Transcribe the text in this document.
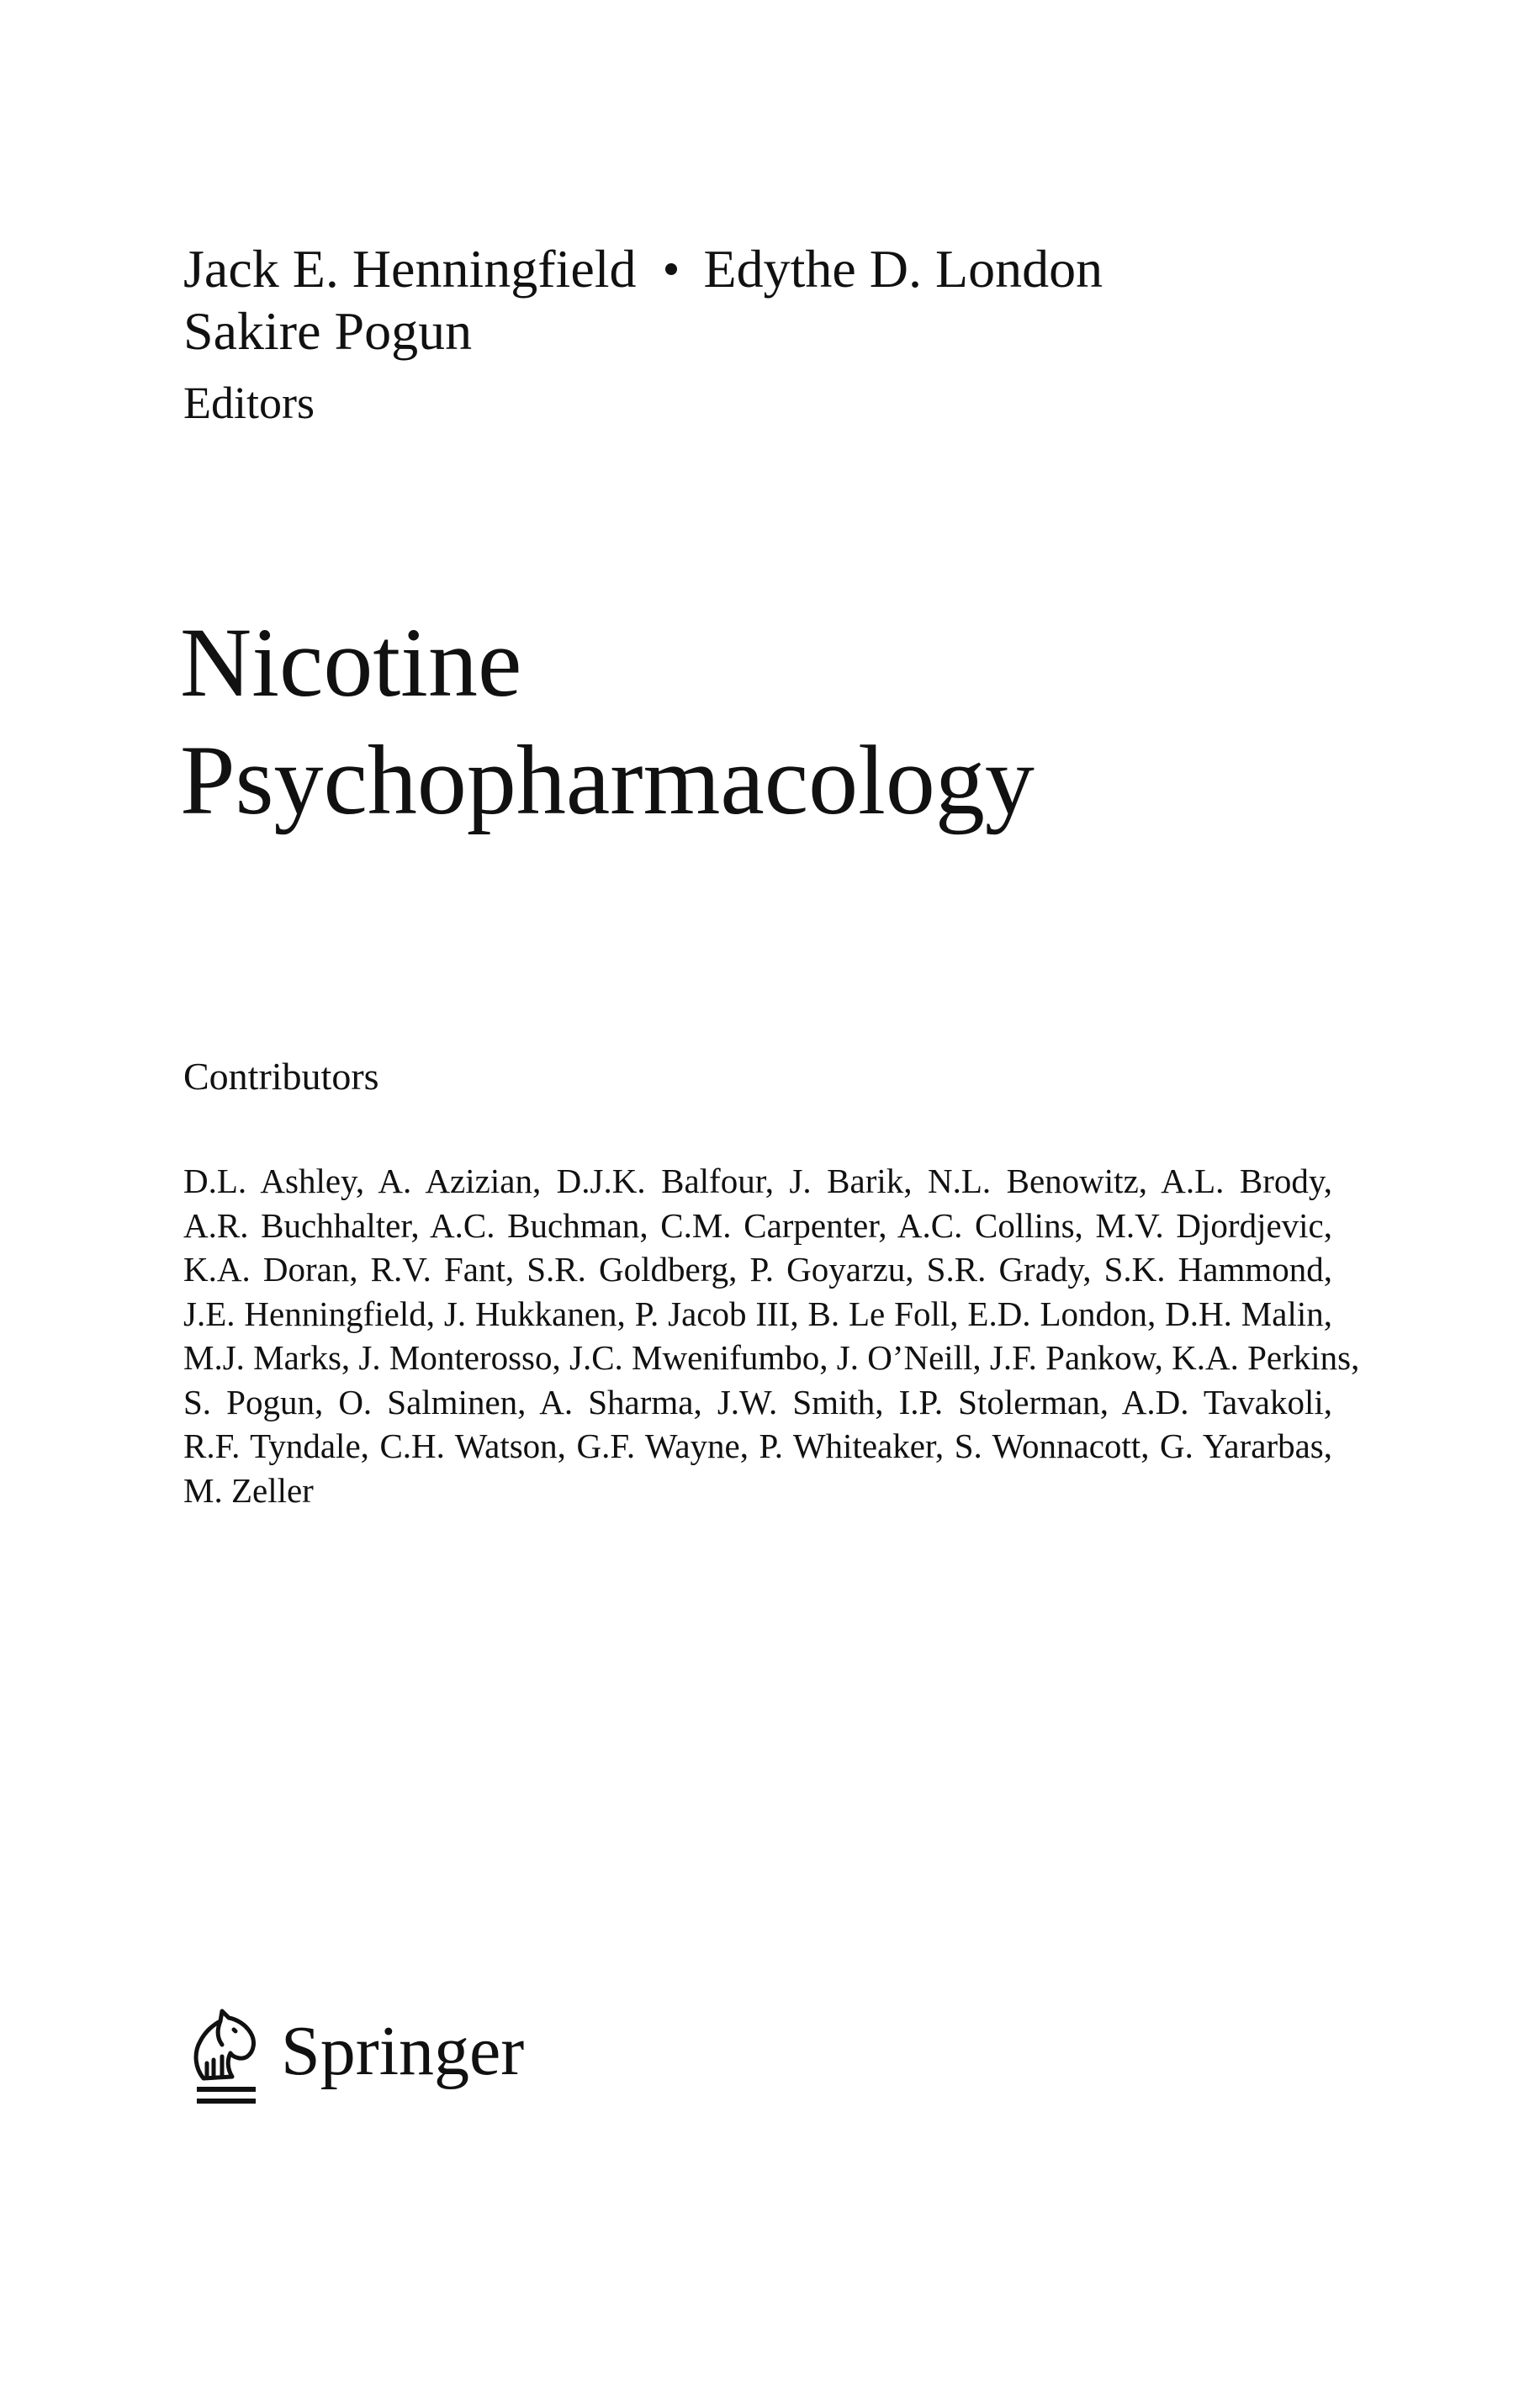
Jack E. Henningfield Edythe D. London
Sakire Pogun
Editors
Nicotine
Psychopharmacology
Contributors
D.L. Ashley, A. Azizian, D.J.K. Balfour, J. Barik, N.L. Benowitz, A.L. Brody,
A.R. Buchhalter, A.C. Buchman, C.M. Carpenter, A.C. Collins, M.V. Djordjevic,
K.A. Doran, R.V. Fant, S.R. Goldberg, P. Goyarzu, S.R. Grady, S.K. Hammond,
J.E. Henningfield, J. Hukkanen, P. Jacob III, B. Le Foll, E.D. London, D.H. Malin,
M.J. Marks, J. Monterosso, J.C. Mwenifumbo, J. O’Neill, J.F. Pankow, K.A. Perkins,
S. Pogun, O. Salminen, A. Sharma, J.W. Smith, I.P. Stolerman, A.D. Tavakoli,
R.F. Tyndale, C.H. Watson, G.F. Wayne, P. Whiteaker, S. Wonnacott, G. Yararbas,
M. Zeller
Springer
